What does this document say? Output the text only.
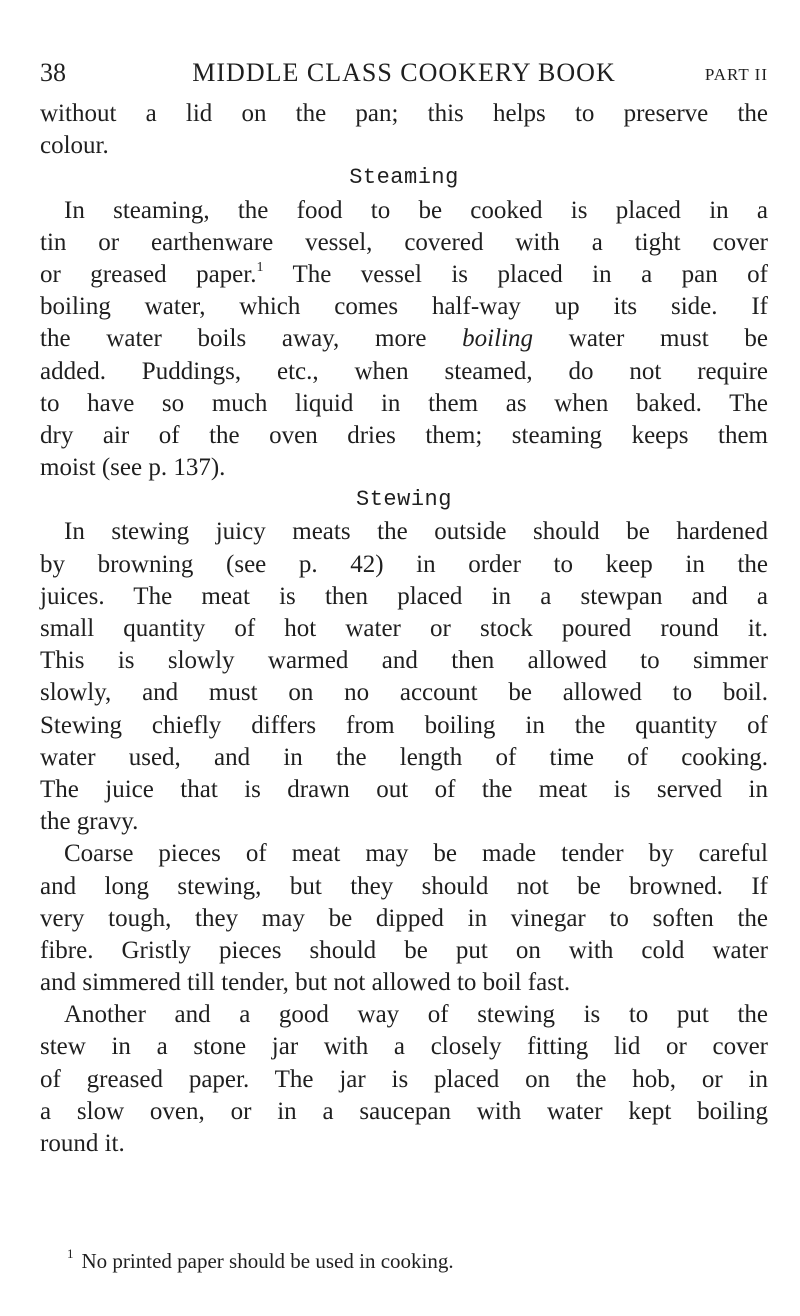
38	MIDDLE CLASS COOKERY BOOK	PART II
without a lid on the pan; this helps to preserve the
colour.
Steaming
In steaming, the food to be cooked is placed in a
tin or earthenware vessel, covered with a tight cover
or greased paper.$^1$ The vessel is placed in a pan of
boiling water, which comes half-way up its side. If
the water boils away, more boiling water must be
added. Puddings, etc., when steamed, do not require
to have so much liquid in them as when baked. The
dry air of the oven dries them; steaming keeps them
moist (see p. 137).
Stewing
In stewing juicy meats the outside should be hardened
by browning (see p. 42) in order to keep in the
juices. The meat is then placed in a stewpan and a
small quantity of hot water or stock poured round it.
This is slowly warmed and then allowed to simmer
slowly, and must on no account be allowed to boil.
Stewing chiefly differs from boiling in the quantity of
water used, and in the length of time of cooking.
The juice that is drawn out of the meat is served in
the gravy.
Coarse pieces of meat may be made tender by careful
and long stewing, but they should not be browned. If
very tough, they may be dipped in vinegar to soften the
fibre. Gristly pieces should be put on with cold water
and simmered till tender, but not allowed to boil fast.
Another and a good way of stewing is to put the
stew in a stone jar with a closely fitting lid or cover
of greased paper. The jar is placed on the hob, or in
a slow oven, or in a saucepan with water kept boiling
round it.
$^1$ No printed paper should be used in cooking.
